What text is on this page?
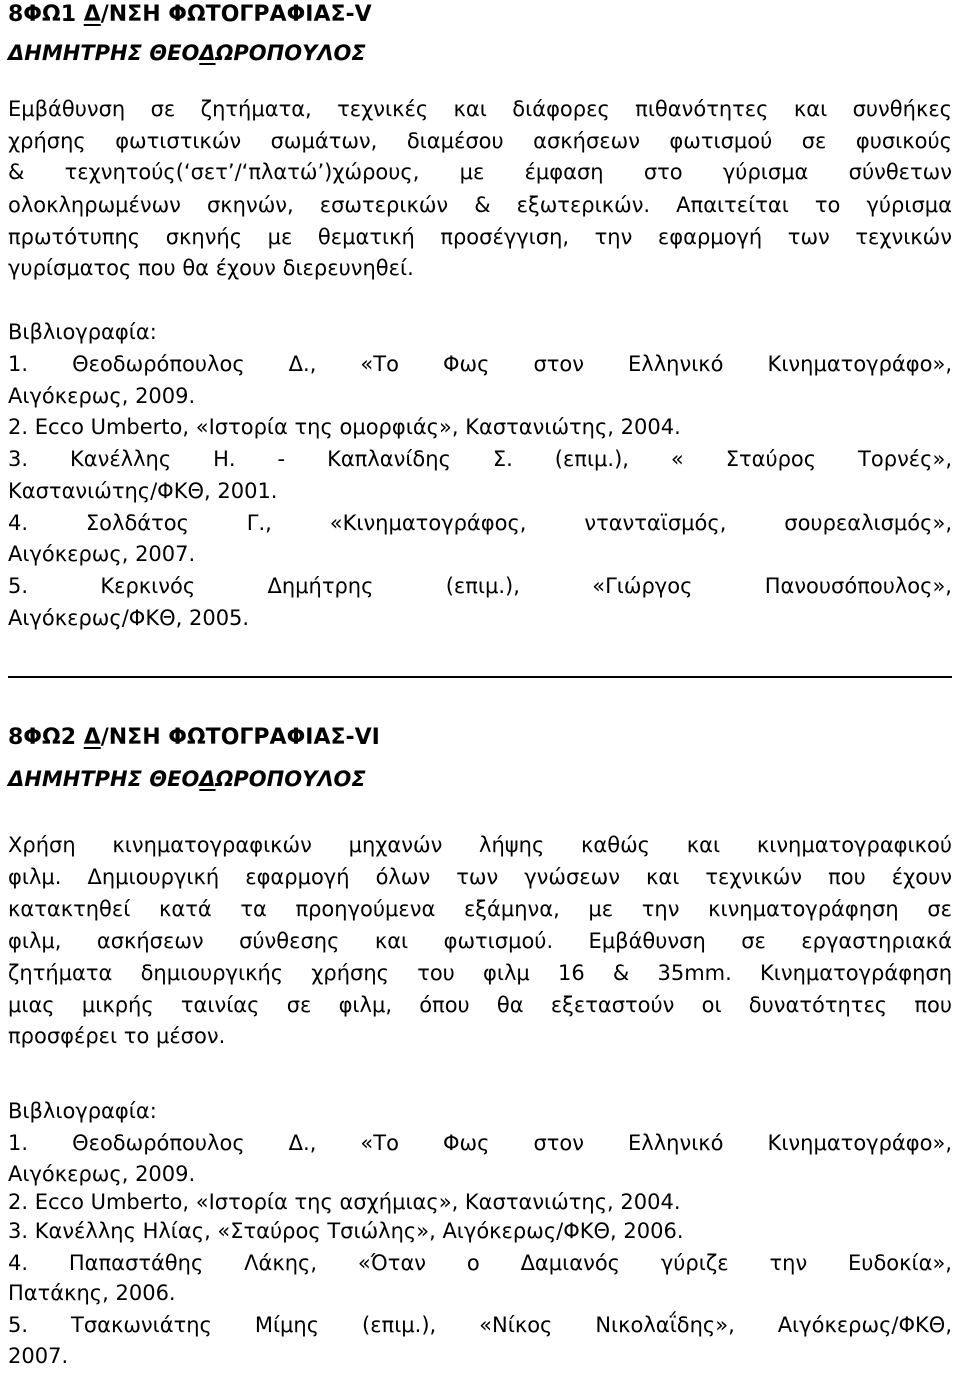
8ΦΩ1 Δ/ΝΣΗ ΦΩΤΟΓΡΑΦΙΑΣ-V
ΔΗΜΗΤΡΗΣ ΘΕΟΔΩΡΟΠΟΥΛΟΣ
Εμβάθυνση σε ζητήματα, τεχνικές και διάφορες πιθανότητες και συνθήκες
χρήσης φωτιστικών σωμάτων, διαμέσου ασκήσεων φωτισμού σε φυσικούς
& τεχνητούς(‘σετ’/‘πλατώ’)χώρους, με έμφαση στο γύρισμα σύνθετων
ολοκληρωμένων σκηνών, εσωτερικών & εξωτερικών. Απαιτείται το γύρισμα
πρωτότυπης σκηνής με θεματική προσέγγιση, την εφαρμογή των τεχνικών
γυρίσματος που θα έχουν διερευνηθεί.
Βιβλιογραφία:
1. Θεοδωρόπουλος Δ., «Το Φως στον Ελληνικό Κινηματογράφο»,
Αιγόκερως, 2009.
2. Ecco Umberto, «Ιστορία της ομορφιάς», Καστανιώτης, 2004.
3. Κανέλλης Η. - Καπλανίδης Σ. (επιμ.), « Σταύρος Τορνές»,
Καστανιώτης/ΦΚΘ, 2001.
4. Σολδάτος Γ., «Κινηματογράφος, ντανταϊσμός, σουρεαλισμός»,
Αιγόκερως, 2007.
5. Κερκινός Δημήτρης (επιμ.), «Γιώργος Πανουσόπουλος»,
Αιγόκερως/ΦΚΘ, 2005.
8ΦΩ2 Δ/ΝΣΗ ΦΩΤΟΓΡΑΦΙΑΣ-VI
ΔΗΜΗΤΡΗΣ ΘΕΟΔΩΡΟΠΟΥΛΟΣ
Χρήση κινηματογραφικών μηχανών λήψης καθώς και κινηματογραφικού
φιλμ. Δημιουργική εφαρμογή όλων των γνώσεων και τεχνικών που έχουν
κατακτηθεί κατά τα προηγούμενα εξάμηνα, με την κινηματογράφηση σε
φιλμ, ασκήσεων σύνθεσης και φωτισμού. Εμβάθυνση σε εργαστηριακά
ζητήματα δημιουργικής χρήσης του φιλμ 16 & 35mm. Κινηματογράφηση
μιας μικρής ταινίας σε φιλμ, όπου θα εξεταστούν οι δυνατότητες που
προσφέρει το μέσον.
Βιβλιογραφία:
1. Θεοδωρόπουλος Δ., «Το Φως στον Ελληνικό Κινηματογράφο»,
Αιγόκερως, 2009.
2. Ecco Umberto, «Ιστορία της ασχήμιας», Καστανιώτης, 2004.
3. Κανέλλης Ηλίας, «Σταύρος Τσιώλης», Αιγόκερως/ΦΚΘ, 2006.
4. Παπαστάθης Λάκης, «Όταν ο Δαμιανός γύριζε την Ευδοκία»,
Πατάκης, 2006.
5. Τσακωνιάτης Μίμης (επιμ.), «Νίκος Νικολαΐδης», Αιγόκερως/ΦΚΘ,
2007.
